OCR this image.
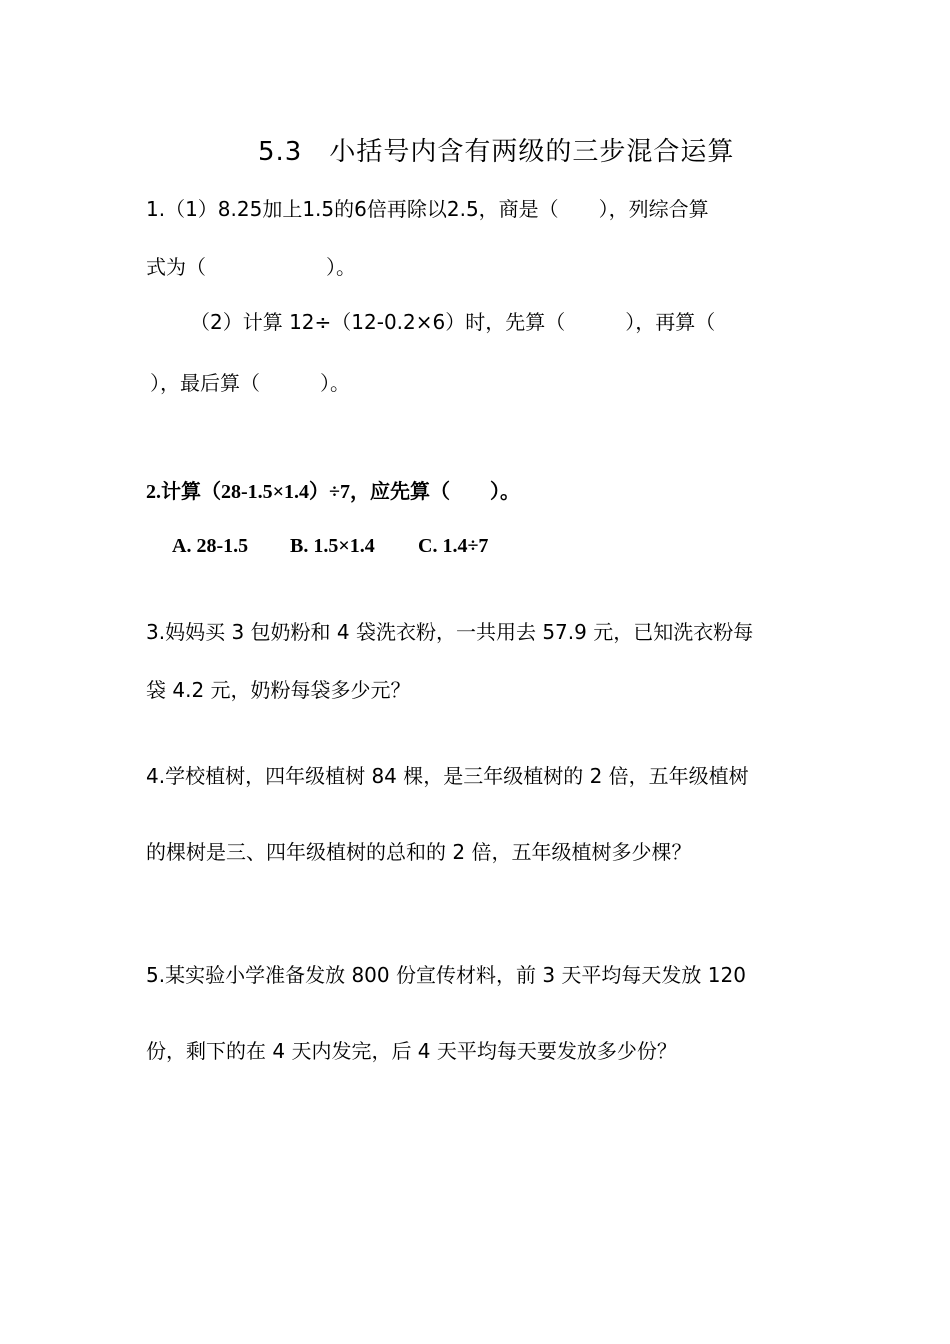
5.3　小括号内含有两级的三步混合运算
1.（1）8.25加上1.5的6倍再除以2.5，商是（　　），列综合算
式为（　　　　　　）。
（2）计算 12÷（12-0.2×6）时，先算（　　　），再算（
），最后算（　　　）。
2.计算（28-1.5×1.4）÷7，应先算（　　）。
A. 28-1.5 B. 1.5×1.4 C. 1.4÷7
3.妈妈买 3 包奶粉和 4 袋洗衣粉，一共用去 57.9 元，已知洗衣粉每
袋 4.2 元，奶粉每袋多少元？
4.学校植树，四年级植树 84 棵，是三年级植树的 2 倍，五年级植树
的棵树是三、四年级植树的总和的 2 倍，五年级植树多少棵？
5.某实验小学准备发放 800 份宣传材料，前 3 天平均每天发放 120
份，剩下的在 4 天内发完，后 4 天平均每天要发放多少份？
